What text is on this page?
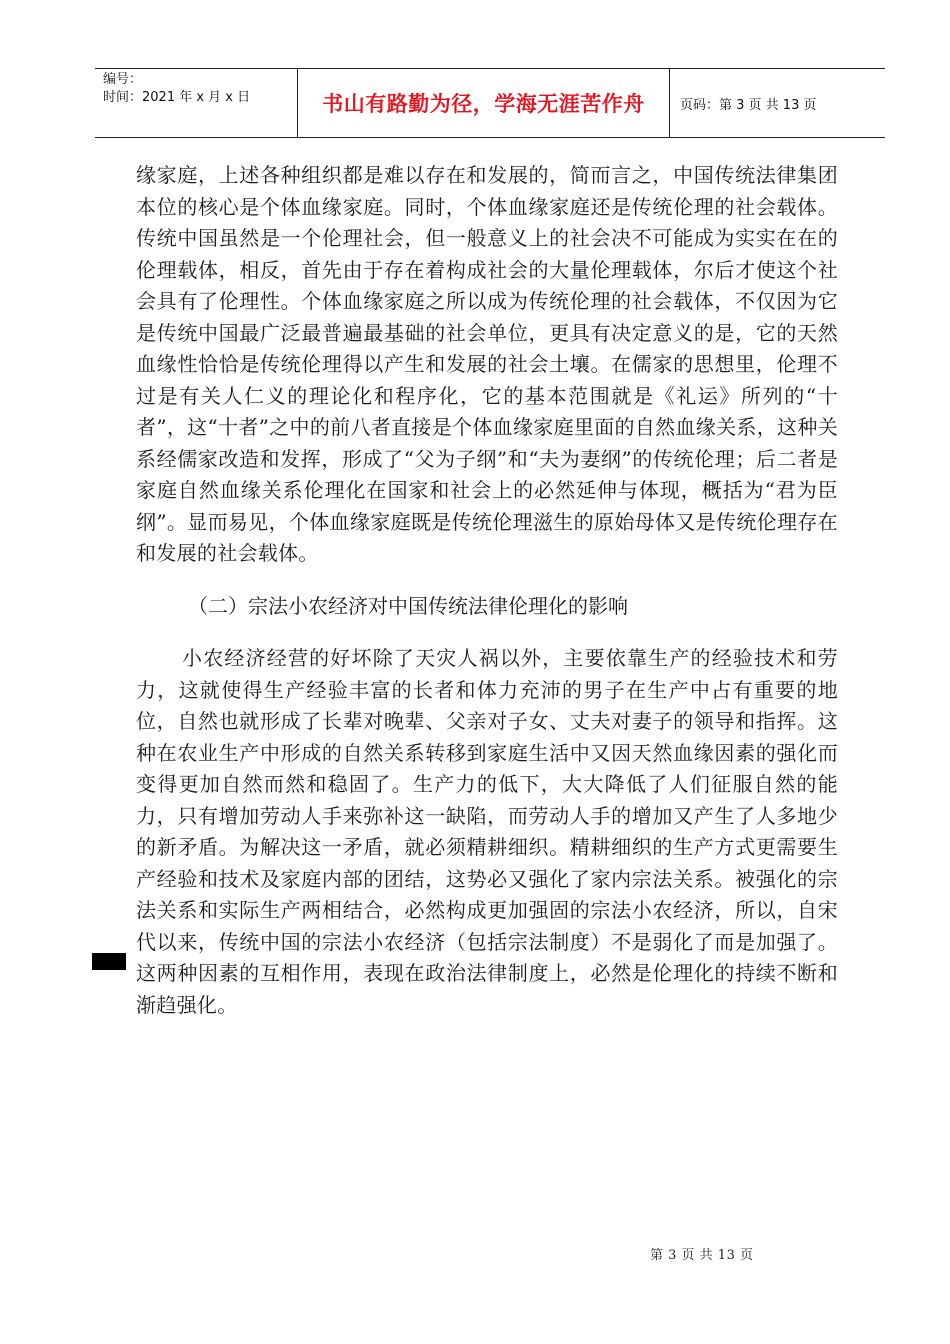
编号：
时间：2021 年 x 月 x 日	书山有路勤为径，学海无涯苦作舟	页码：第 3 页 共 13 页

缘家庭，上述各种组织都是难以存在和发展的，简而言之，中国传统法律集团本位的核心是个体血缘家庭。同时，个体血缘家庭还是传统伦理的社会载体。传统中国虽然是一个伦理社会，但一般意义上的社会决不可能成为实实在在的伦理载体，相反，首先由于存在着构成社会的大量伦理载体，尔后才使这个社会具有了伦理性。个体血缘家庭之所以成为传统伦理的社会载体，不仅因为它是传统中国最广泛最普遍最基础的社会单位，更具有决定意义的是，它的天然血缘性恰恰是传统伦理得以产生和发展的社会土壤。在儒家的思想里，伦理不过是有关人仁义的理论化和程序化，它的基本范围就是《礼运》所列的“十者”，这“十者”之中的前八者直接是个体血缘家庭里面的自然血缘关系，这种关系经儒家改造和发挥，形成了“父为子纲”和“夫为妻纲”的传统伦理；后二者是家庭自然血缘关系伦理化在国家和社会上的必然延伸与体现，概括为“君为臣纲”。显而易见，个体血缘家庭既是传统伦理滋生的原始母体又是传统伦理存在和发展的社会载体。

（二）宗法小农经济对中国传统法律伦理化的影响

小农经济经营的好坏除了天灾人祸以外，主要依靠生产的经验技术和劳力，这就使得生产经验丰富的长者和体力充沛的男子在生产中占有重要的地位，自然也就形成了长辈对晚辈、父亲对子女、丈夫对妻子的领导和指挥。这种在农业生产中形成的自然关系转移到家庭生活中又因天然血缘因素的强化而变得更加自然而然和稳固了。生产力的低下，大大降低了人们征服自然的能力，只有增加劳动人手来弥补这一缺陷，而劳动人手的增加又产生了人多地少的新矛盾。为解决这一矛盾，就必须精耕细织。精耕细织的生产方式更需要生产经验和技术及家庭内部的团结，这势必又强化了家内宗法关系。被强化的宗法关系和实际生产两相结合，必然构成更加强固的宗法小农经济，所以，自宋代以来，传统中国的宗法小农经济（包括宗法制度）不是弱化了而是加强了。这两种因素的互相作用，表现在政治法律制度上，必然是伦理化的持续不断和渐趋强化。

第 3 页 共 13 页
